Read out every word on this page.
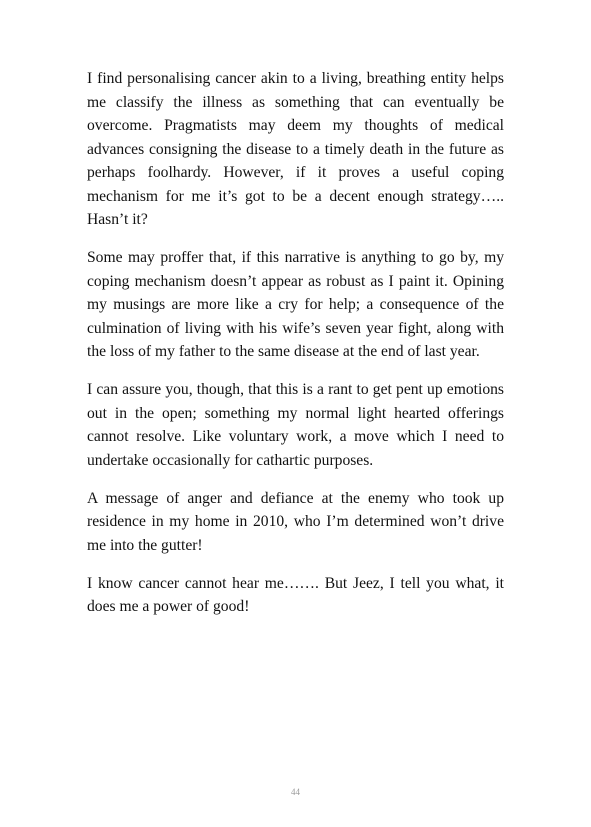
I find personalising cancer akin to a living, breathing entity helps me classify the illness as something that can eventually be overcome. Pragmatists may deem my thoughts of medical advances consigning the disease to a timely death in the future as perhaps foolhardy. However, if it proves a useful coping mechanism for me it’s got to be a decent enough strategy….. Hasn’t it?

Some may proffer that, if this narrative is anything to go by, my coping mechanism doesn’t appear as robust as I paint it. Opining my musings are more like a cry for help; a consequence of the culmination of living with his wife’s seven year fight, along with the loss of my father to the same disease at the end of last year.

I can assure you, though, that this is a rant to get pent up emotions out in the open; something my normal light hearted offerings cannot resolve. Like voluntary work, a move which I need to undertake occasionally for cathartic purposes.

A message of anger and defiance at the enemy who took up residence in my home in 2010, who I’m determined won’t drive me into the gutter!

I know cancer cannot hear me……. But Jeez, I tell you what, it does me a power of good!

44
